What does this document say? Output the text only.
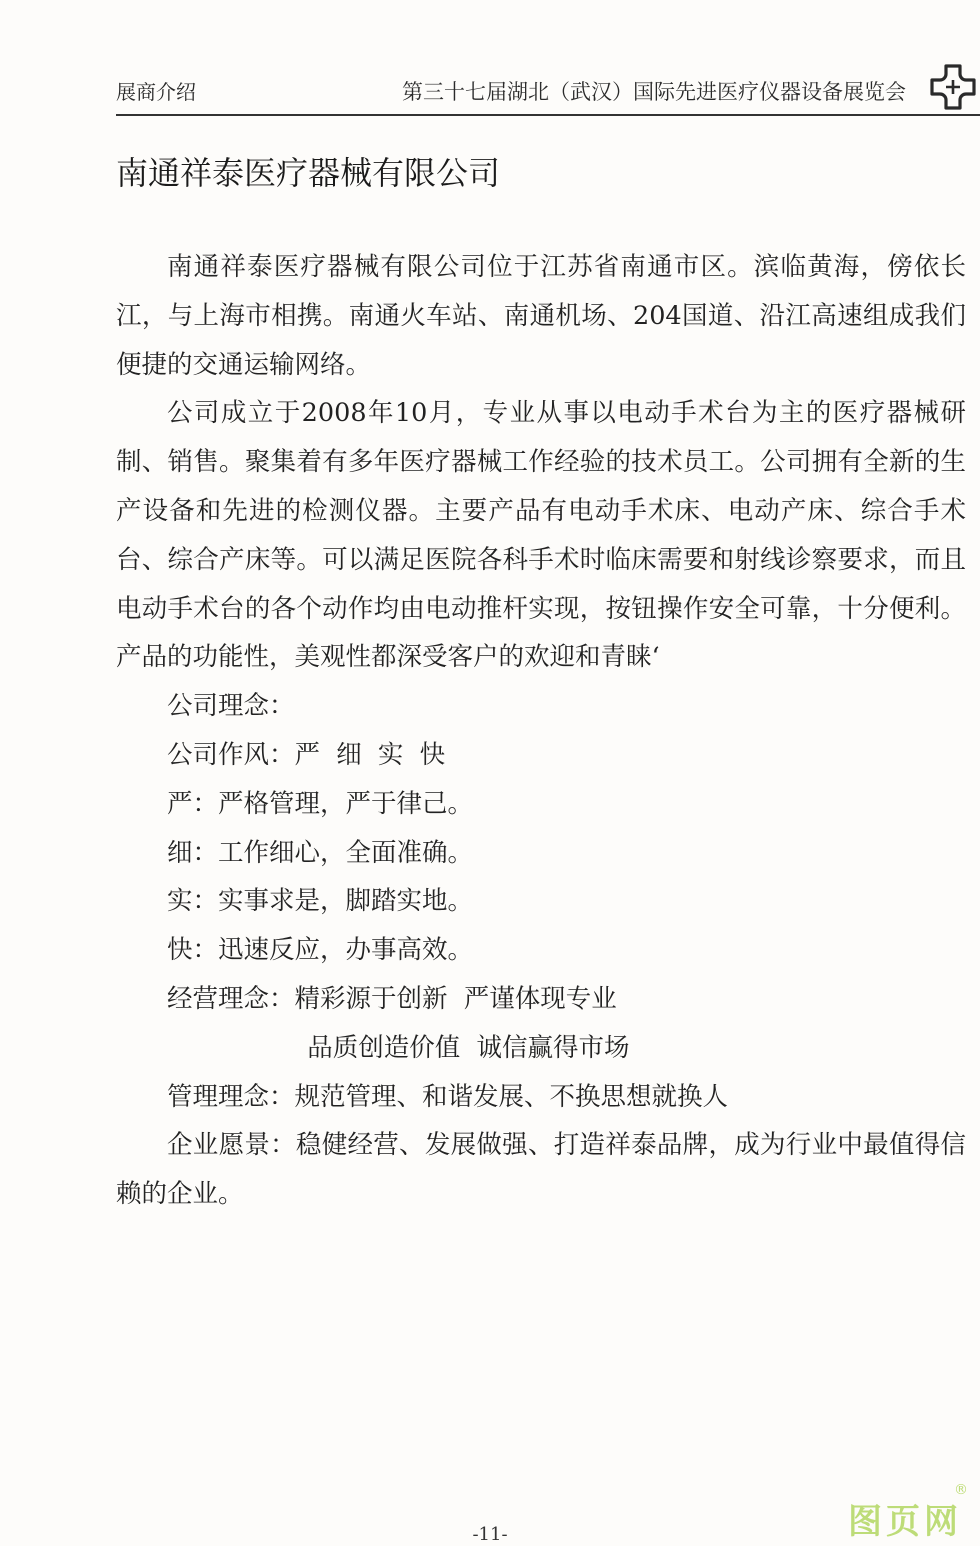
展商介绍	第三十七届湖北（武汉）国际先进医疗仪器设备展览会
南通祥泰医疗器械有限公司

南通祥泰医疗器械有限公司位于江苏省南通市区。滨临黄海，傍依长江，与上海市相携。南通火车站、南通机场、204国道、沿江高速组成我们便捷的交通运输网络。

公司成立于2008年10月，专业从事以电动手术台为主的医疗器械研制、销售。聚集着有多年医疗器械工作经验的技术员工。公司拥有全新的生产设备和先进的检测仪器。主要产品有电动手术床、电动产床、综合手术台、综合产床等。可以满足医院各科手术时临床需要和射线诊察要求，而且电动手术台的各个动作均由电动推杆实现，按钮操作安全可靠，十分便利。产品的功能性，美观性都深受客户的欢迎和青睐‘

公司理念：

公司作风：严  细  实  快

严：严格管理，严于律己。

细：工作细心，全面准确。

实：实事求是，脚踏实地。

快：迅速反应，办事高效。

经营理念：精彩源于创新  严谨体现专业

品质创造价值  诚信赢得市场

管理理念：规范管理、和谐发展、不换思想就换人

企业愿景：稳健经营、发展做强、打造祥泰品牌，成为行业中最值得信赖的企业。

-11-	图页网
®
